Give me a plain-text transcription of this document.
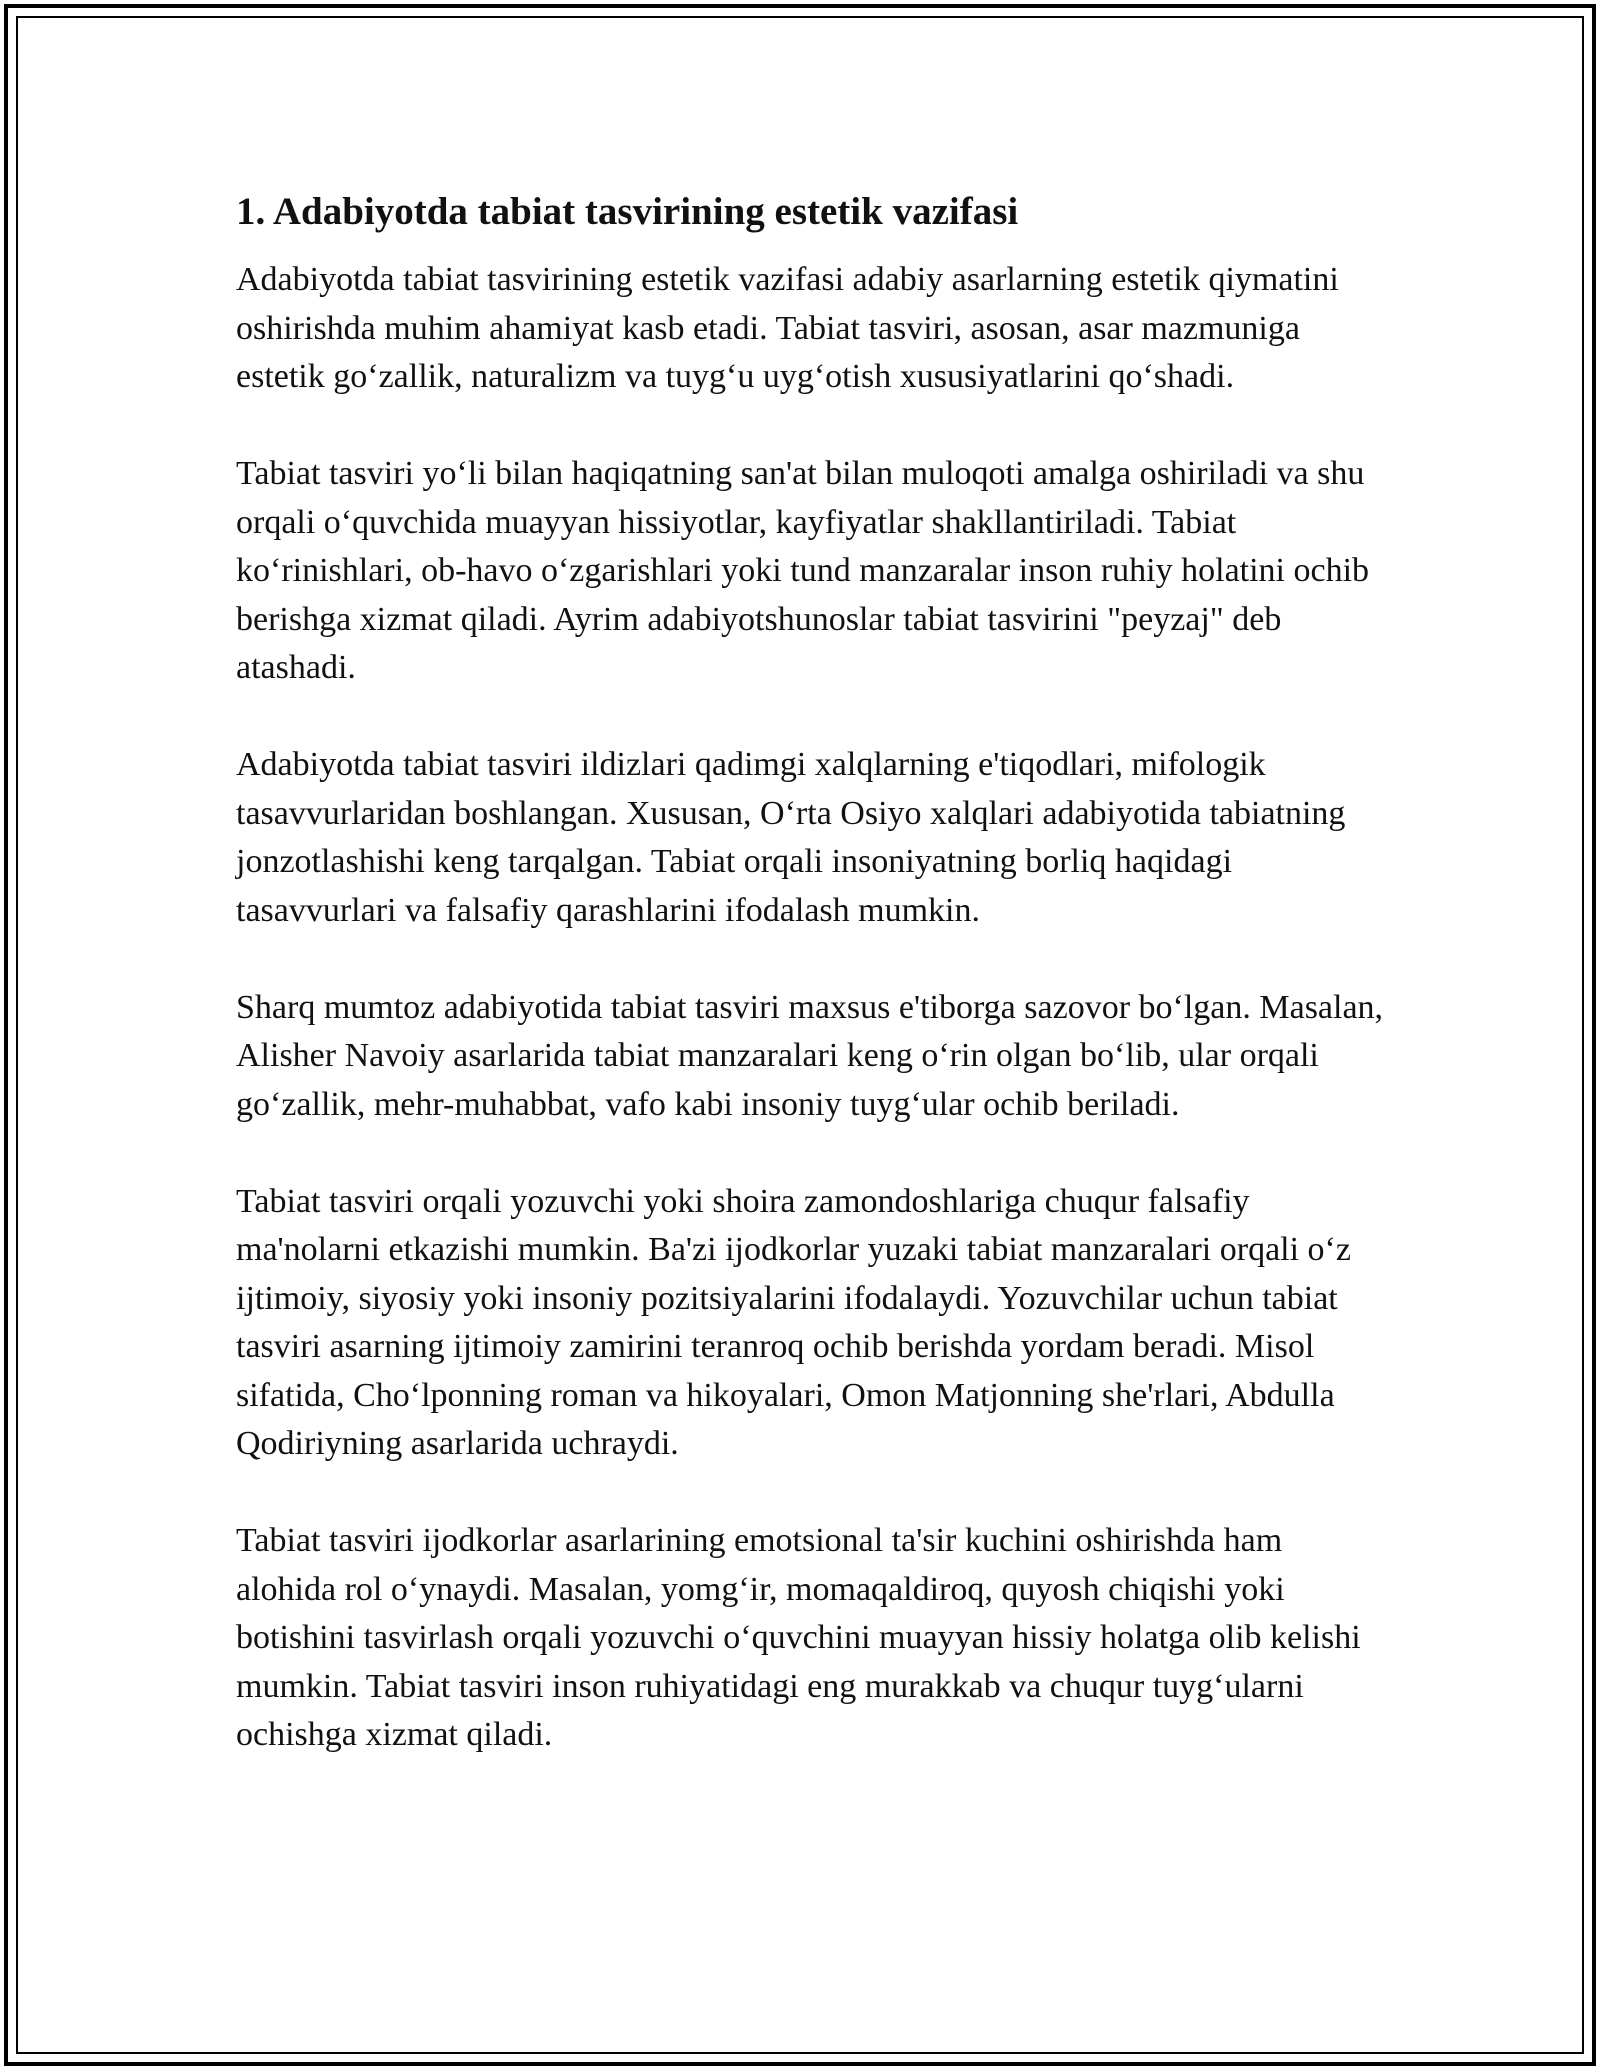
1. Adabiyotda tabiat tasvirining estetik vazifasi

Adabiyotda tabiat tasvirining estetik vazifasi adabiy asarlarning estetik qiymatini oshirishda muhim ahamiyat kasb etadi. Tabiat tasviri, asosan, asar mazmuniga estetik go‘zallik, naturalizm va tuyg‘u uyg‘otish xususiyatlarini qo‘shadi.

Tabiat tasviri yo‘li bilan haqiqatning san'at bilan muloqoti amalga oshiriladi va shu orqali o‘quvchida muayyan hissiyotlar, kayfiyatlar shakllantiriladi. Tabiat ko‘rinishlari, ob-havo o‘zgarishlari yoki tund manzaralar inson ruhiy holatini ochib berishga xizmat qiladi. Ayrim adabiyotshunoslar tabiat tasvirini "peyzaj" deb atashadi.

Adabiyotda tabiat tasviri ildizlari qadimgi xalqlarning e'tiqodlari, mifologik tasavvurlaridan boshlangan. Xususan, O‘rta Osiyo xalqlari adabiyotida tabiatning jonzotlashishi keng tarqalgan. Tabiat orqali insoniyatning borliq haqidagi tasavvurlari va falsafiy qarashlarini ifodalash mumkin.

Sharq mumtoz adabiyotida tabiat tasviri maxsus e'tiborga sazovor bo‘lgan. Masalan, Alisher Navoiy asarlarida tabiat manzaralari keng o‘rin olgan bo‘lib, ular orqali go‘zallik, mehr-muhabbat, vafo kabi insoniy tuyg‘ular ochib beriladi.

Tabiat tasviri orqali yozuvchi yoki shoira zamondoshlariga chuqur falsafiy ma'nolarni etkazishi mumkin. Ba'zi ijodkorlar yuzaki tabiat manzaralari orqali o‘z ijtimoiy, siyosiy yoki insoniy pozitsiyalarini ifodalaydi. Yozuvchilar uchun tabiat tasviri asarning ijtimoiy zamirini teranroq ochib berishda yordam beradi. Misol sifatida, Cho‘lponning roman va hikoyalari, Omon Matjonning she'rlari, Abdulla Qodiriyning asarlarida uchraydi.

Tabiat tasviri ijodkorlar asarlarining emotsional ta'sir kuchini oshirishda ham alohida rol o‘ynaydi. Masalan, yomg‘ir, momaqaldiroq, quyosh chiqishi yoki botishini tasvirlash orqali yozuvchi o‘quvchini muayyan hissiy holatga olib kelishi mumkin. Tabiat tasviri inson ruhiyatidagi eng murakkab va chuqur tuyg‘ularni ochishga xizmat qiladi.
